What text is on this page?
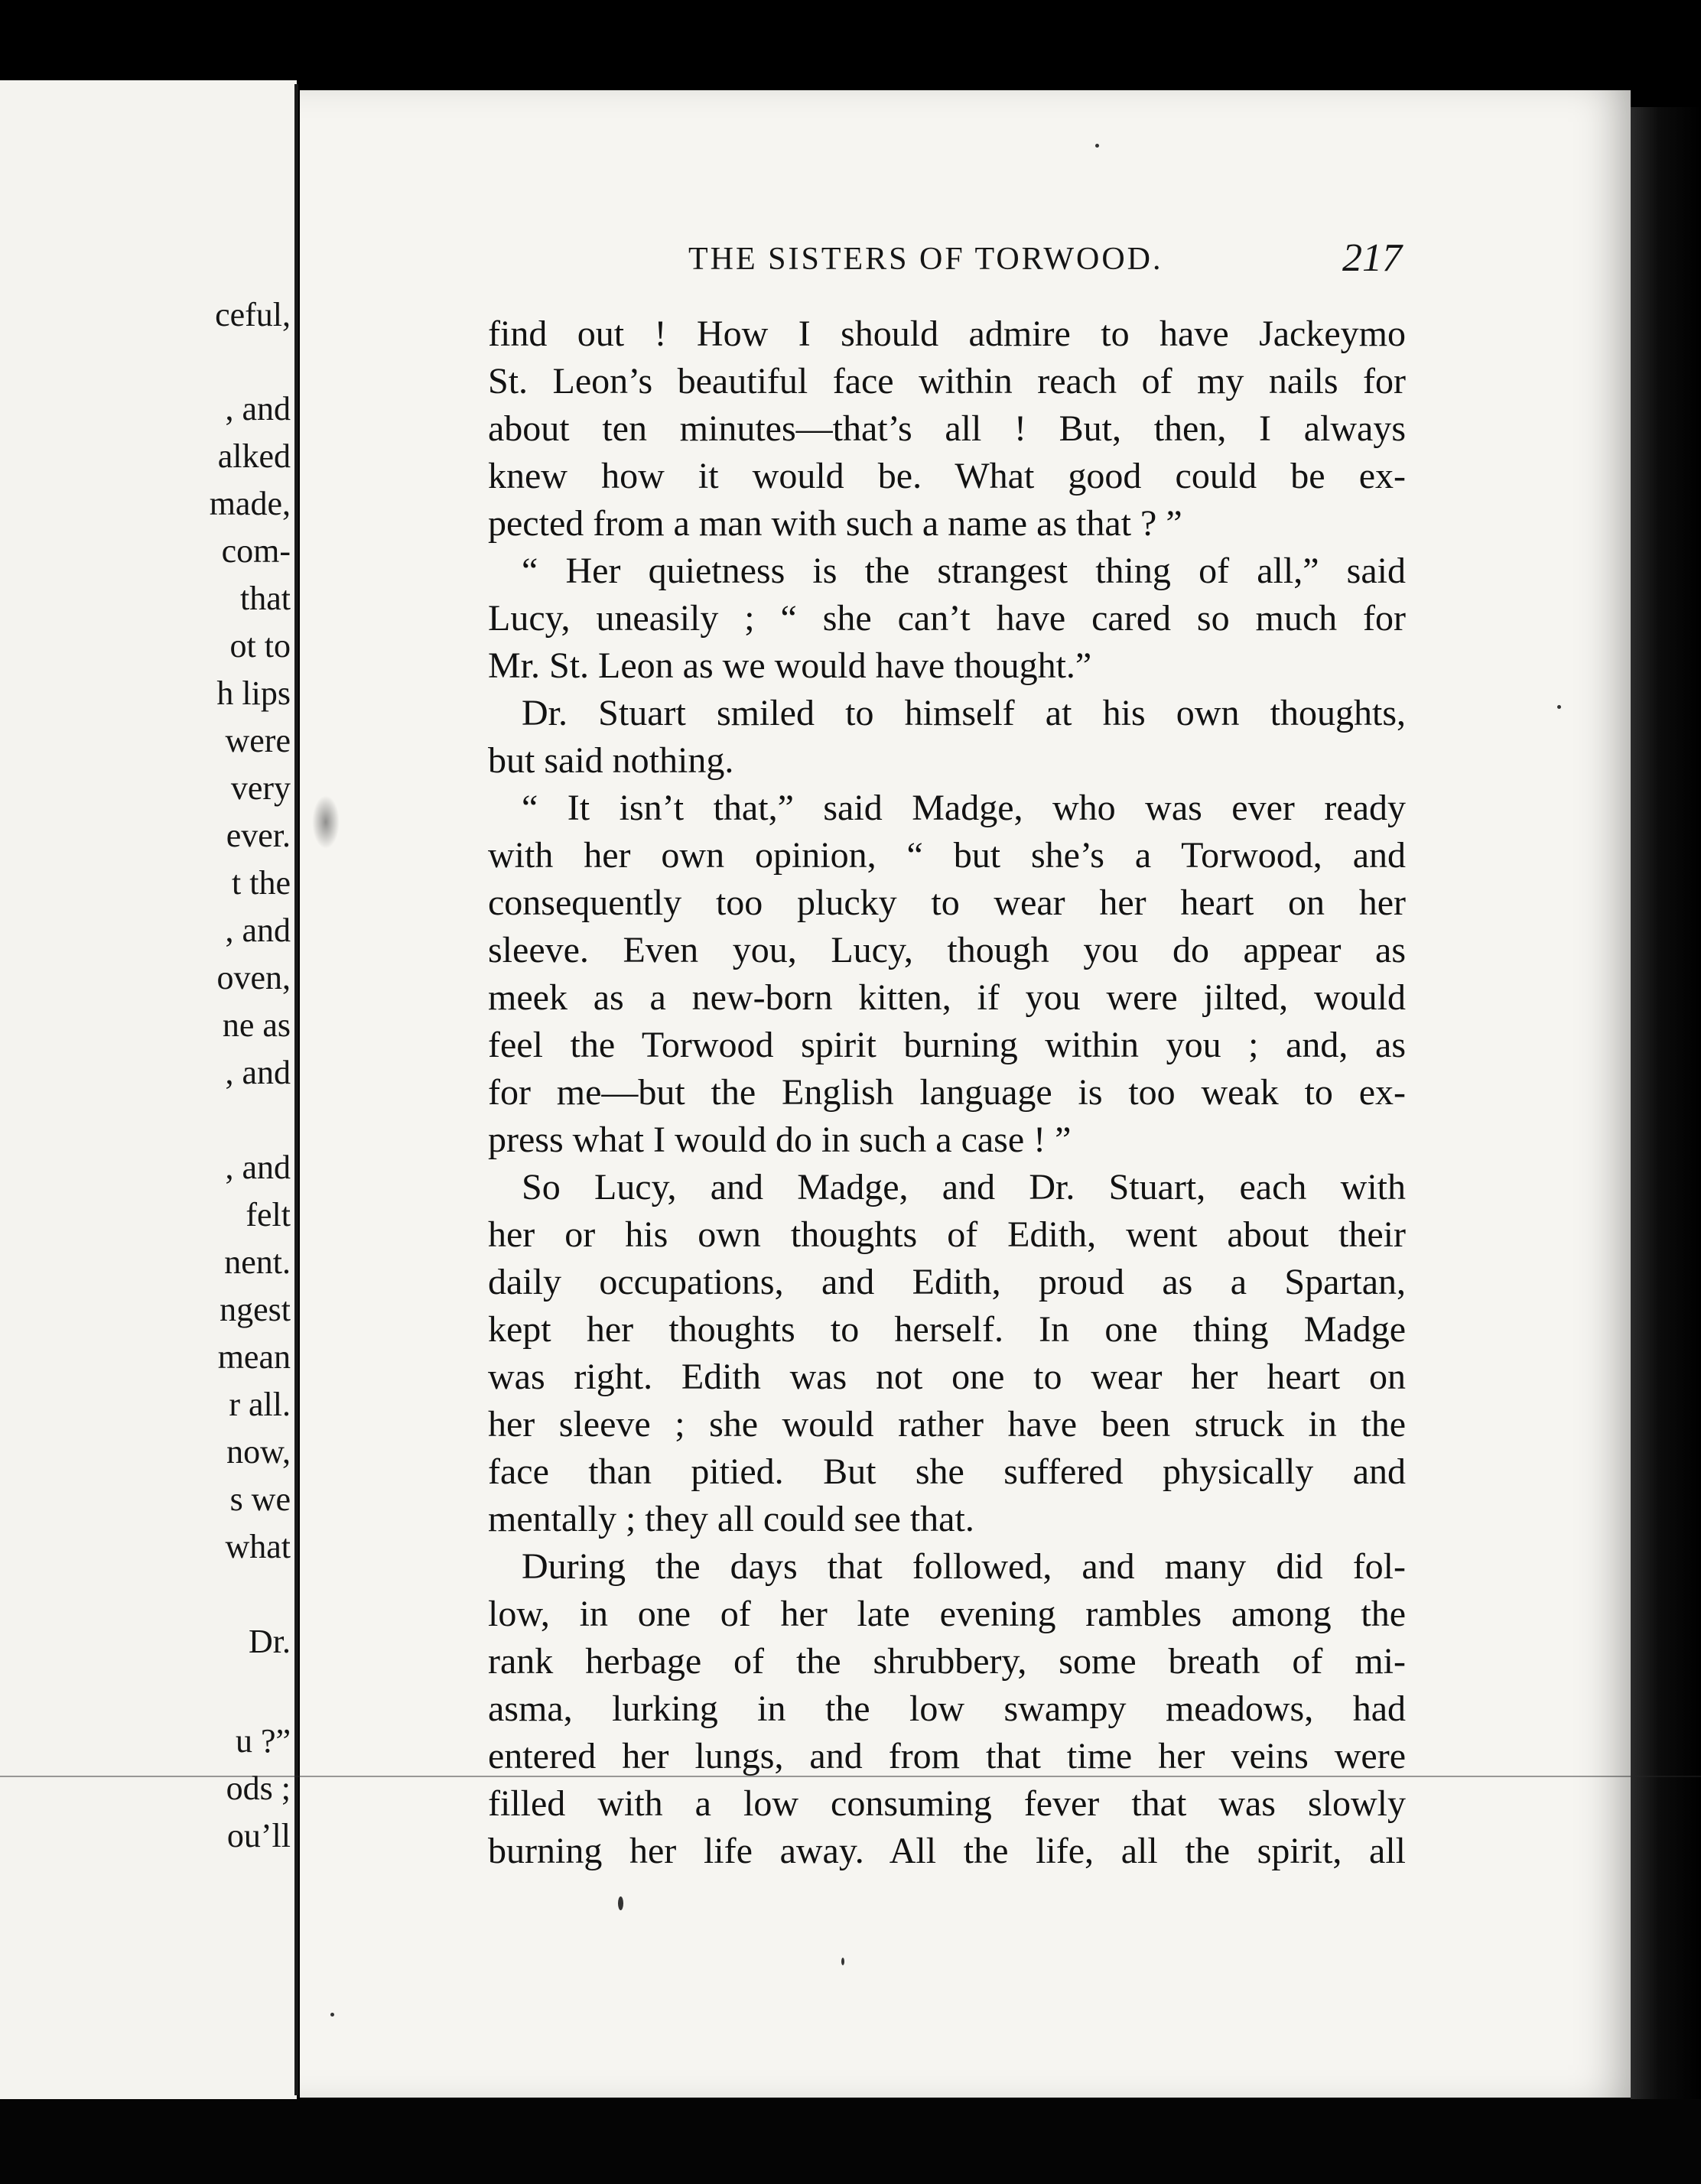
ceful,
, and
alked
made,
com-
that
ot to
h lips
were
very
ever.
t the
, and
oven,
ne as
, and
, and
felt
nent.
ngest
mean
r all.
now,
s we
what
Dr.
u ?”
ods ;
ou’ll
THE SISTERS OF TORWOOD.	217
find out ! How I should admire to have Jackeymo
St. Leon’s beautiful face within reach of my nails for
about ten minutes—that’s all ! But, then, I always
knew how it would be. What good could be ex-
pected from a man with such a name as that ? ”
“ Her quietness is the strangest thing of all,” said
Lucy, uneasily ; “ she can’t have cared so much for
Mr. St. Leon as we would have thought.”
Dr. Stuart smiled to himself at his own thoughts,
but said nothing.
“ It isn’t that,” said Madge, who was ever ready
with her own opinion, “ but she’s a Torwood, and
consequently too plucky to wear her heart on her
sleeve. Even you, Lucy, though you do appear as
meek as a new-born kitten, if you were jilted, would
feel the Torwood spirit burning within you ; and, as
for me—but the English language is too weak to ex-
press what I would do in such a case ! ”
So Lucy, and Madge, and Dr. Stuart, each with
her or his own thoughts of Edith, went about their
daily occupations, and Edith, proud as a Spartan,
kept her thoughts to herself. In one thing Madge
was right. Edith was not one to wear her heart on
her sleeve ; she would rather have been struck in the
face than pitied. But she suffered physically and
mentally ; they all could see that.
During the days that followed, and many did fol-
low, in one of her late evening rambles among the
rank herbage of the shrubbery, some breath of mi-
asma, lurking in the low swampy meadows, had
entered her lungs, and from that time her veins were
filled with a low consuming fever that was slowly
burning her life away. All the life, all the spirit, all
